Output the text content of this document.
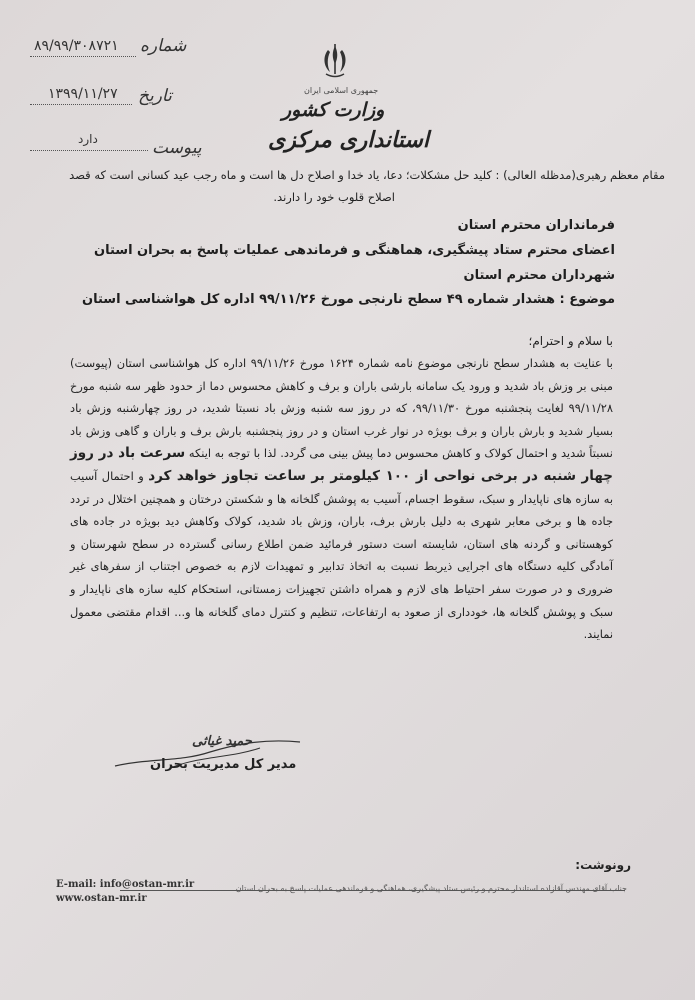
۸۹/۹۹/۳۰۸۷۲۱ شماره
۱۳۹۹/۱۱/۲۷ تاریخ
دارد	پیوست
جمهوری اسلامی ایران
وزارت کشور
استانداری مرکزی
مقام معظم رهبری(مدظله العالی) : کلید حل مشکلات؛ دعا، یاد خدا و اصلاح دل ها است و ماه رجب عید کسانی است که قصد
اصلاح قلوب خود را دارند.
فرمانداران محترم استان
اعضای محترم ستاد پیشگیری، هماهنگی و فرماندهی عملیات پاسخ به بحران استان
شهرداران محترم استان
موضوع : هشدار شماره ۴۹ سطح نارنجی مورخ ۹۹/۱۱/۲۶ اداره کل هواشناسی استان
با سلام و احترام؛
با عنایت به هشدار سطح نارنجی موضوع نامه شماره ۱۶۲۴ مورخ ۹۹/۱۱/۲۶ اداره کل هواشناسی استان (پیوست) مبنی بر وزش باد شدید و ورود یک سامانه بارشی باران و برف و کاهش محسوس دما از حدود ظهر سه شنبه مورخ ۹۹/۱۱/۲۸ لغایت پنجشنبه مورخ ۹۹/۱۱/۳۰، که در روز سه شنبه وزش باد نسبتا شدید، در روز چهارشنبه وزش باد بسیار شدید و بارش باران و برف بویژه در نوار غرب استان و در روز پنجشنبه بارش برف و باران و گاهی وزش باد نسبتاً شدید و احتمال کولاک و کاهش محسوس دما پیش بینی می گردد. لذا با توجه به اینکه سرعت باد در روز چهار شنبه در برخی نواحی از ۱۰۰ کیلومتر بر ساعت تجاوز خواهد کرد و احتمال آسیب به سازه های ناپایدار و سبک، سقوط اجسام، آسیب به پوشش گلخانه ها و شکستن درختان و همچنین اختلال در تردد جاده ها و برخی معابر شهری به دلیل بارش برف، باران، وزش باد شدید، کولاک وکاهش دید بویژه در جاده های کوهستانی و گردنه های استان، شایسته است دستور فرمائید ضمن اطلاع رسانی گسترده در سطح شهرستان و آمادگی کلیه دستگاه های اجرایی ذیربط نسبت به اتخاذ تدابیر و تمهیدات لازم به خصوص اجتناب از سفرهای غیر ضروری و در صورت سفر احتیاط های لازم و همراه داشتن تجهیزات زمستانی، استحکام کلیه سازه های ناپایدار و سبک و پوشش گلخانه ها، خودداری از صعود به ارتفاعات، تنظیم و کنترل دمای گلخانه ها و... اقدام مقتضی معمول نمایند.
حمید غیاثی
مدیر کل مدیریت بحران
رونوشت:
جناب آقای مهندس آقازاده استاندار محترم و رئیس ستاد پیشگیری، هماهنگی و فرماندهی عملیات پاسخ به بحران استان
E-mail: info@ostan-mr.ir
www.ostan-mr.ir
